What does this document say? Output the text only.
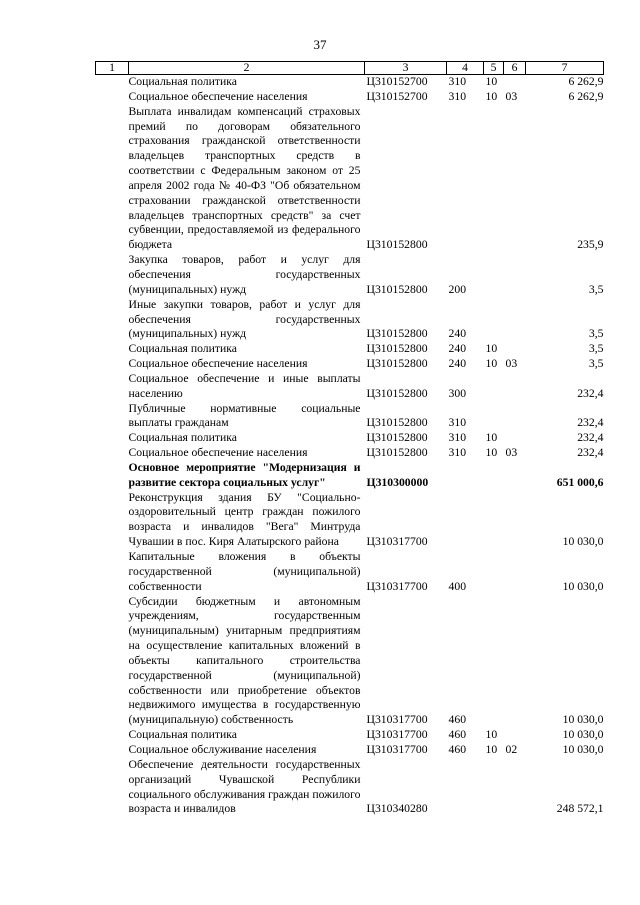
37
1	2	3	4	5	6	7
	Социальная политика	Ц310152700	310	10		6 262,9
	Социальное обеспечение населения	Ц310152700	310	10	03	6 262,9
	Выплата инвалидам компенсаций страховых премий по договорам обязательного страхования гражданской ответственности владельцев транспортных средств в соответствии с Федеральным законом от 25 апреля 2002 года № 40-ФЗ "Об обязательном страховании гражданской ответственности владельцев транспортных средств" за счет субвенции, предоставляемой из федерального бюджета	Ц310152800				235,9
	Закупка товаров, работ и услуг для обеспечения государственных (муниципальных) нужд	Ц310152800	200			3,5
	Иные закупки товаров, работ и услуг для обеспечения государственных (муниципальных) нужд	Ц310152800	240			3,5
	Социальная политика	Ц310152800	240	10		3,5
	Социальное обеспечение населения	Ц310152800	240	10	03	3,5
	Социальное обеспечение и иные выплаты населению	Ц310152800	300			232,4
	Публичные нормативные социальные выплаты гражданам	Ц310152800	310			232,4
	Социальная политика	Ц310152800	310	10		232,4
	Социальное обеспечение населения	Ц310152800	310	10	03	232,4
	Основное мероприятие "Модернизация и развитие сектора социальных услуг"	Ц310300000				651 000,6
	Реконструкция здания БУ "Социально-оздоровительный центр граждан пожилого возраста и инвалидов "Вега" Минтруда Чувашии в пос. Киря Алатырского района	Ц310317700				10 030,0
	Капитальные вложения в объекты государственной (муниципальной) собственности	Ц310317700	400			10 030,0
	Субсидии бюджетным и автономным учреждениям, государственным (муниципальным) унитарным предприятиям на осуществление капитальных вложений в объекты капитального строительства государственной (муниципальной) собственности или приобретение объектов недвижимого имущества в государственную (муниципальную) собственность	Ц310317700	460			10 030,0
	Социальная политика	Ц310317700	460	10		10 030,0
	Социальное обслуживание населения	Ц310317700	460	10	02	10 030,0
	Обеспечение деятельности государственных организаций Чувашской Республики социального обслуживания граждан пожилого возраста и инвалидов	Ц310340280				248 572,1
